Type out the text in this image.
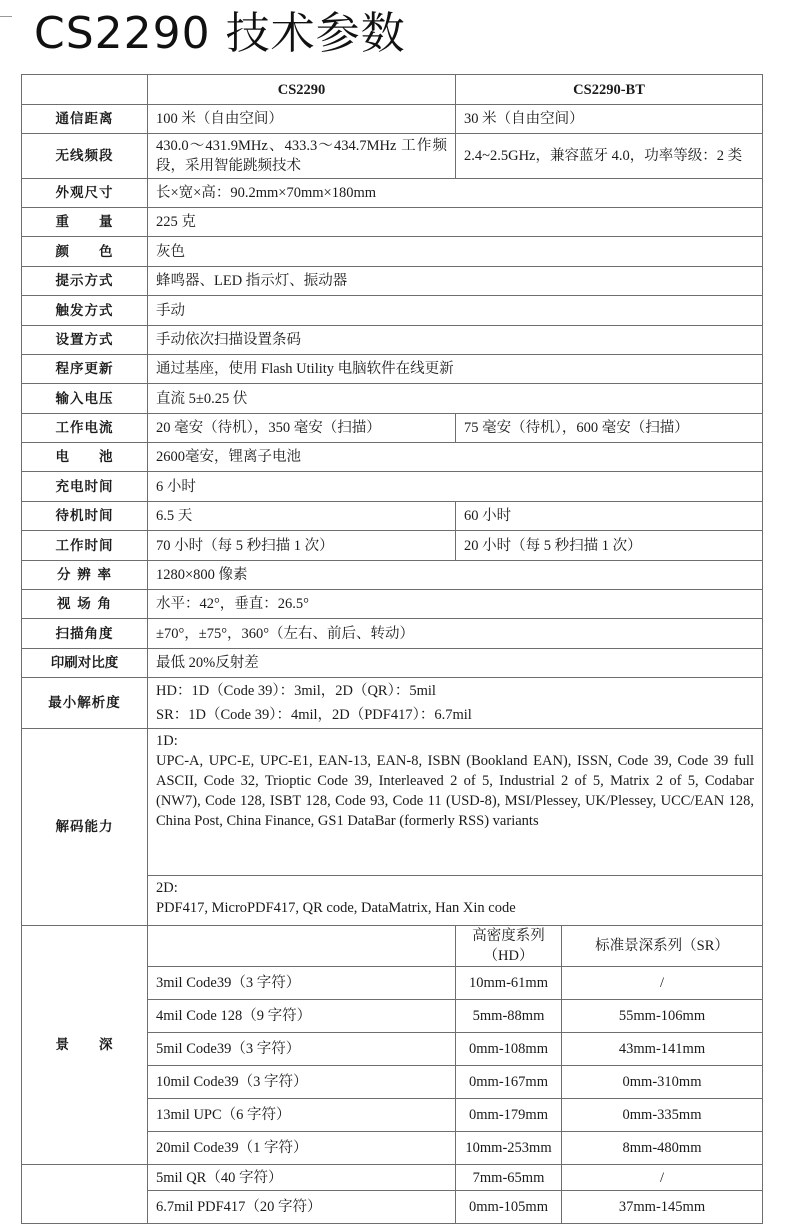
CS2290 技术参数
	CS2290	CS2290-BT	
通信距离	100 米（自由空间）	30 米（自由空间）	
无线频段	430.0～431.9MHz、433.3～434.7MHz 工作频段，采用智能跳频技术	2.4~2.5GHz，兼容蓝牙 4.0，功率等级：2 类	
外观尺寸	长×宽×高：90.2mm×70mm×180mm		
重　　量	225 克		
颜　　色	灰色		
提示方式	蜂鸣器、LED 指示灯、振动器		
触发方式	手动		
设置方式	手动依次扫描设置条码		
程序更新	通过基座，使用 Flash Utility 电脑软件在线更新		
输入电压	直流 5±0.25 伏		
工作电流	20 毫安（待机），350 毫安（扫描）	75 毫安（待机），600 毫安（扫描）	
电　　池	2600毫安，锂离子电池		
充电时间	6 小时		
待机时间	6.5 天	60 小时	
工作时间	70 小时（每 5 秒扫描 1 次）	20 小时（每 5 秒扫描 1 次）	
分 辨 率	1280×800 像素		
视 场 角	水平：42°，垂直：26.5°		
扫描角度	±70°，±75°，360°（左右、前后、转动）		
印刷对比度	最低 20%反射差		
最小解析度	HD：1D（Code 39）：3mil，2D（QR）：5mil
SR：1D（Code 39）：4mil，2D（PDF417）：6.7mil		

解码能力	1D:
UPC-A, UPC-E, UPC-E1, EAN-13, EAN-8, ISBN (Bookland EAN), ISSN, Code 39, Code 39 full ASCII, Code 32, Trioptic Code 39, Interleaved 2 of 5, Industrial 2 of 5, Matrix 2 of 5, Codabar (NW7), Code 128, ISBT 128, Code 93, Code 11 (USD-8), MSI/Plessey, UK/Plessey, UCC/EAN 128, China Post, China Finance, GS1 DataBar (formerly RSS) variants		

	2D:
PDF417, MicroPDF417, QR code, DataMatrix, Han Xin code		

景　　深		高密度系列（HD）	标准景深系列（SR）
	3mil Code39（3 字符）	10mm-61mm	/
	4mil Code 128（9 字符）	5mm-88mm	55mm-106mm
	5mil Code39（3 字符）	0mm-108mm	43mm-141mm
	10mil Code39（3 字符）	0mm-167mm	0mm-310mm
	13mil UPC（6 字符）	0mm-179mm	0mm-335mm
	20mil Code39（1 字符）	10mm-253mm	8mm-480mm
	5mil QR（40 字符）	7mm-65mm	/
	6.7mil PDF417（20 字符）	0mm-105mm	37mm-145mm
